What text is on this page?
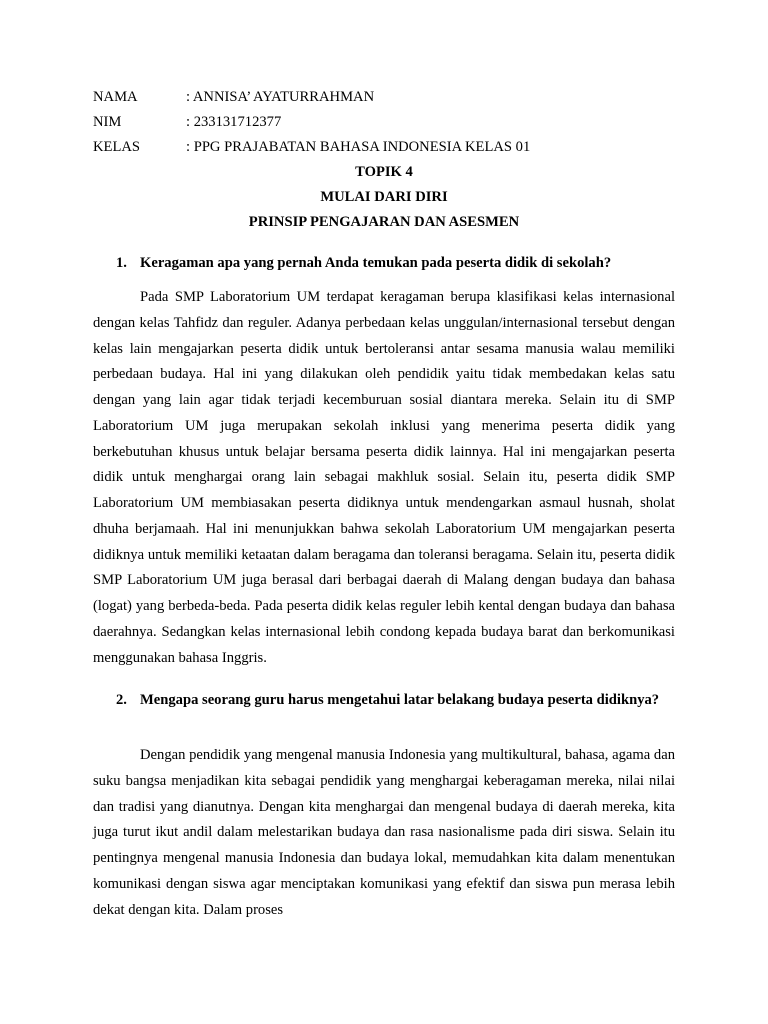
NAMA	: ANNISA’ AYATURRAHMAN
NIM	: 233131712377
KELAS	: PPG PRAJABATAN BAHASA INDONESIA KELAS 01
TOPIK 4
MULAI DARI DIRI
PRINSIP PENGAJARAN DAN ASESMEN
1. Keragaman apa yang pernah Anda temukan pada peserta didik di sekolah?

Pada SMP Laboratorium UM terdapat keragaman berupa klasifikasi kelas internasional dengan kelas Tahfidz dan reguler. Adanya perbedaan kelas unggulan/internasional tersebut dengan kelas lain mengajarkan peserta didik untuk bertoleransi antar sesama manusia walau memiliki perbedaan budaya. Hal ini yang dilakukan oleh pendidik yaitu tidak membedakan kelas satu dengan yang lain agar tidak terjadi kecemburuan sosial diantara mereka. Selain itu di SMP Laboratorium UM juga merupakan sekolah inklusi yang menerima peserta didik yang berkebutuhan khusus untuk belajar bersama peserta didik lainnya. Hal ini mengajarkan peserta didik untuk menghargai orang lain sebagai makhluk sosial. Selain itu, peserta didik SMP Laboratorium UM membiasakan peserta didiknya untuk mendengarkan asmaul husnah, sholat dhuha berjamaah. Hal ini menunjukkan bahwa sekolah Laboratorium UM mengajarkan peserta didiknya untuk memiliki ketaatan dalam beragama dan toleransi beragama. Selain itu, peserta didik SMP Laboratorium UM juga berasal dari berbagai daerah di Malang dengan budaya dan bahasa (logat) yang berbeda-beda. Pada peserta didik kelas reguler lebih kental dengan budaya dan bahasa daerahnya. Sedangkan kelas internasional lebih condong kepada budaya barat dan berkomunikasi menggunakan bahasa Inggris.

2. Mengapa seorang guru harus mengetahui latar belakang budaya peserta didiknya?

Dengan pendidik yang mengenal manusia Indonesia yang multikultural, bahasa, agama dan suku bangsa menjadikan kita sebagai pendidik yang menghargai keberagaman mereka, nilai nilai dan tradisi yang dianutnya. Dengan kita menghargai dan mengenal budaya di daerah mereka, kita juga turut ikut andil dalam melestarikan budaya dan rasa nasionalisme pada diri siswa. Selain itu pentingnya mengenal manusia Indonesia dan budaya lokal, memudahkan kita dalam menentukan komunikasi dengan siswa agar menciptakan komunikasi yang efektif dan siswa pun merasa lebih dekat dengan kita. Dalam proses
